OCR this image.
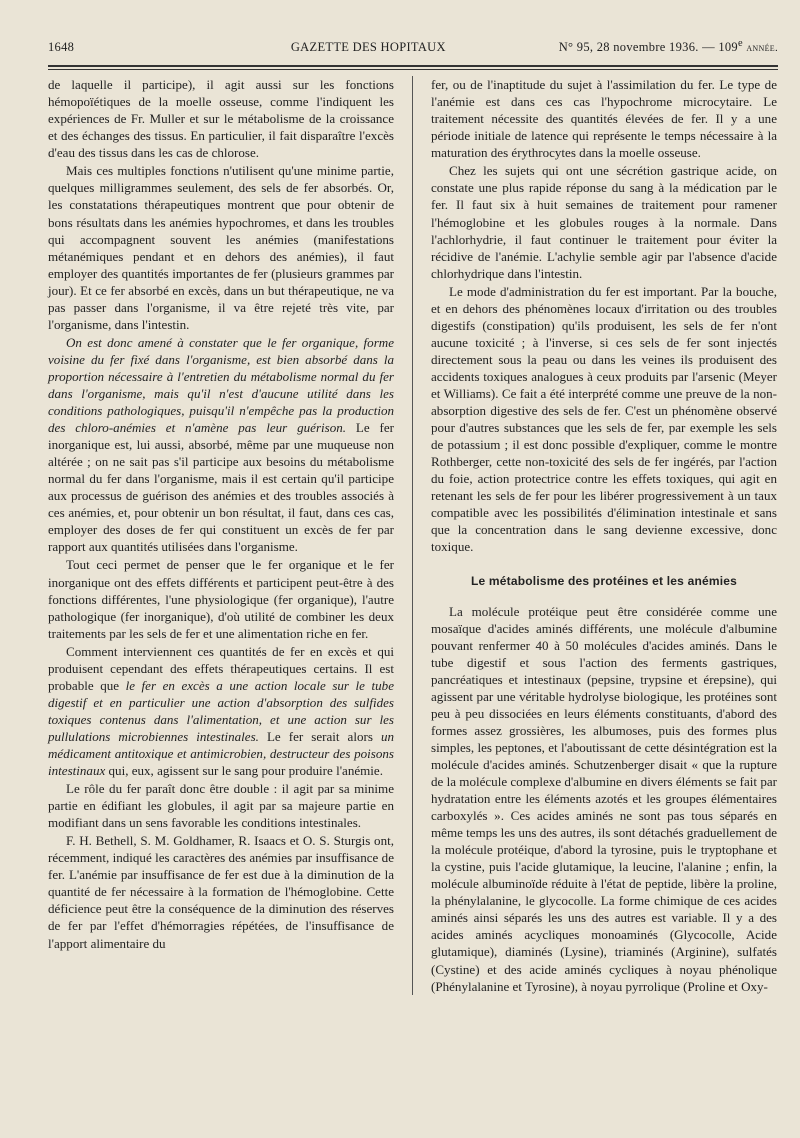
1648	GAZETTE DES HOPITAUX	N° 95, 28 novembre 1936. — 109e année.

de laquelle il participe), il agit aussi sur les fonctions hémopoïétiques de la moelle osseuse, comme l'indiquent les expériences de Fr. Muller et sur le métabolisme de la croissance et des échanges des tissus. En particulier, il fait disparaître l'excès d'eau des tissus dans les cas de chlorose.

Mais ces multiples fonctions n'utilisent qu'une minime partie, quelques milligrammes seulement, des sels de fer absorbés. Or, les constatations thérapeutiques montrent que pour obtenir de bons résultats dans les anémies hypochromes, et dans les troubles qui accompagnent souvent les anémies (manifestations métanémiques pendant et en dehors des anémies), il faut employer des quantités importantes de fer (plusieurs grammes par jour). Et ce fer absorbé en excès, dans un but thérapeutique, ne va pas passer dans l'organisme, il va être rejeté très vite, par l'organisme, dans l'intestin.

On est donc amené à constater que le fer organique, forme voisine du fer fixé dans l'organisme, est bien absorbé dans la proportion nécessaire à l'entretien du métabolisme normal du fer dans l'organisme, mais qu'il n'est d'aucune utilité dans les conditions pathologiques, puisqu'il n'empêche pas la production des chloro-anémies et n'amène pas leur guérison. Le fer inorganique est, lui aussi, absorbé, même par une muqueuse non altérée ; on ne sait pas s'il participe aux besoins du métabolisme normal du fer dans l'organisme, mais il est certain qu'il participe aux processus de guérison des anémies et des troubles associés à ces anémies, et, pour obtenir un bon résultat, il faut, dans ces cas, employer des doses de fer qui constituent un excès de fer par rapport aux quantités utilisées dans l'organisme.

Tout ceci permet de penser que le fer organique et le fer inorganique ont des effets différents et participent peut-être à des fonctions différentes, l'une physiologique (fer organique), l'autre pathologique (fer inorganique), d'où utilité de combiner les deux traitements par les sels de fer et une alimentation riche en fer.

Comment interviennent ces quantités de fer en excès et qui produisent cependant des effets thérapeutiques certains. Il est probable que le fer en excès a une action locale sur le tube digestif et en particulier une action d'absorption des sulfides toxiques contenus dans l'alimentation, et une action sur les pullulations microbiennes intestinales. Le fer serait alors un médicament antitoxique et antimicrobien, destructeur des poisons intestinaux qui, eux, agissent sur le sang pour produire l'anémie.

Le rôle du fer paraît donc être double : il agit par sa minime partie en édifiant les globules, il agit par sa majeure partie en modifiant dans un sens favorable les conditions intestinales.

F. H. Bethell, S. M. Goldhamer, R. Isaacs et O. S. Sturgis ont, récemment, indiqué les caractères des anémies par insuffisance de fer. L'anémie par insuffisance de fer est due à la diminution de la quantité de fer nécessaire à la formation de l'hémoglobine. Cette déficience peut être la conséquence de la diminution des réserves de fer par l'effet d'hémorragies répétées, de l'insuffisance de l'apport alimentaire du

fer, ou de l'inaptitude du sujet à l'assimilation du fer. Le type de l'anémie est dans ces cas l'hypochrome microcytaire. Le traitement nécessite des quantités élevées de fer. Il y a une période initiale de latence qui représente le temps nécessaire à la maturation des érythrocytes dans la moelle osseuse.

Chez les sujets qui ont une sécrétion gastrique acide, on constate une plus rapide réponse du sang à la médication par le fer. Il faut six à huit semaines de traitement pour ramener l'hémoglobine et les globules rouges à la normale. Dans l'achlorhydrie, il faut continuer le traitement pour éviter la récidive de l'anémie. L'achylie semble agir par l'absence d'acide chlorhydrique dans l'intestin.

Le mode d'administration du fer est important. Par la bouche, et en dehors des phénomènes locaux d'irritation ou des troubles digestifs (constipation) qu'ils produisent, les sels de fer n'ont aucune toxicité ; à l'inverse, si ces sels de fer sont injectés directement sous la peau ou dans les veines ils produisent des accidents toxiques analogues à ceux produits par l'arsenic (Meyer et Williams). Ce fait a été interprété comme une preuve de la non-absorption digestive des sels de fer. C'est un phénomène observé pour d'autres substances que les sels de fer, par exemple les sels de potassium ; il est donc possible d'expliquer, comme le montre Rothberger, cette non-toxicité des sels de fer ingérés, par l'action du foie, action protectrice contre les effets toxiques, qui agit en retenant les sels de fer pour les libérer progressivement à un taux compatible avec les possibilités d'élimination intestinale et sans que la concentration dans le sang devienne excessive, donc toxique.

Le métabolisme des protéines et les anémies

La molécule protéique peut être considérée comme une mosaïque d'acides aminés différents, une molécule d'albumine pouvant renfermer 40 à 50 molécules d'acides aminés. Dans le tube digestif et sous l'action des ferments gastriques, pancréatiques et intestinaux (pepsine, trypsine et érepsine), qui agissent par une véritable hydrolyse biologique, les protéines sont peu à peu dissociées en leurs éléments constituants, d'abord des formes assez grossières, les albumoses, puis des formes plus simples, les peptones, et l'aboutissant de cette désintégration est la molécule d'acides aminés. Schutzenberger disait « que la rupture de la molécule complexe d'albumine en divers éléments se fait par hydratation entre les éléments azotés et les groupes élémentaires carboxylés ». Ces acides aminés ne sont pas tous séparés en même temps les uns des autres, ils sont détachés graduellement de la molécule protéique, d'abord la tyrosine, puis le tryptophane et la cystine, puis l'acide glutamique, la leucine, l'alanine ; enfin, la molécule albuminoïde réduite à l'état de peptide, libère la proline, la phénylalanine, le glycocolle. La forme chimique de ces acides aminés ainsi séparés les uns des autres est variable. Il y a des acides aminés acycliques monoaminés (Glycocolle, Acide glutamique), diaminés (Lysine), triaminés (Arginine), sulfatés (Cystine) et des acide aminés cycliques à noyau phénolique (Phénylalanine et Tyrosine), à noyau pyrrolique (Proline et Oxy-
